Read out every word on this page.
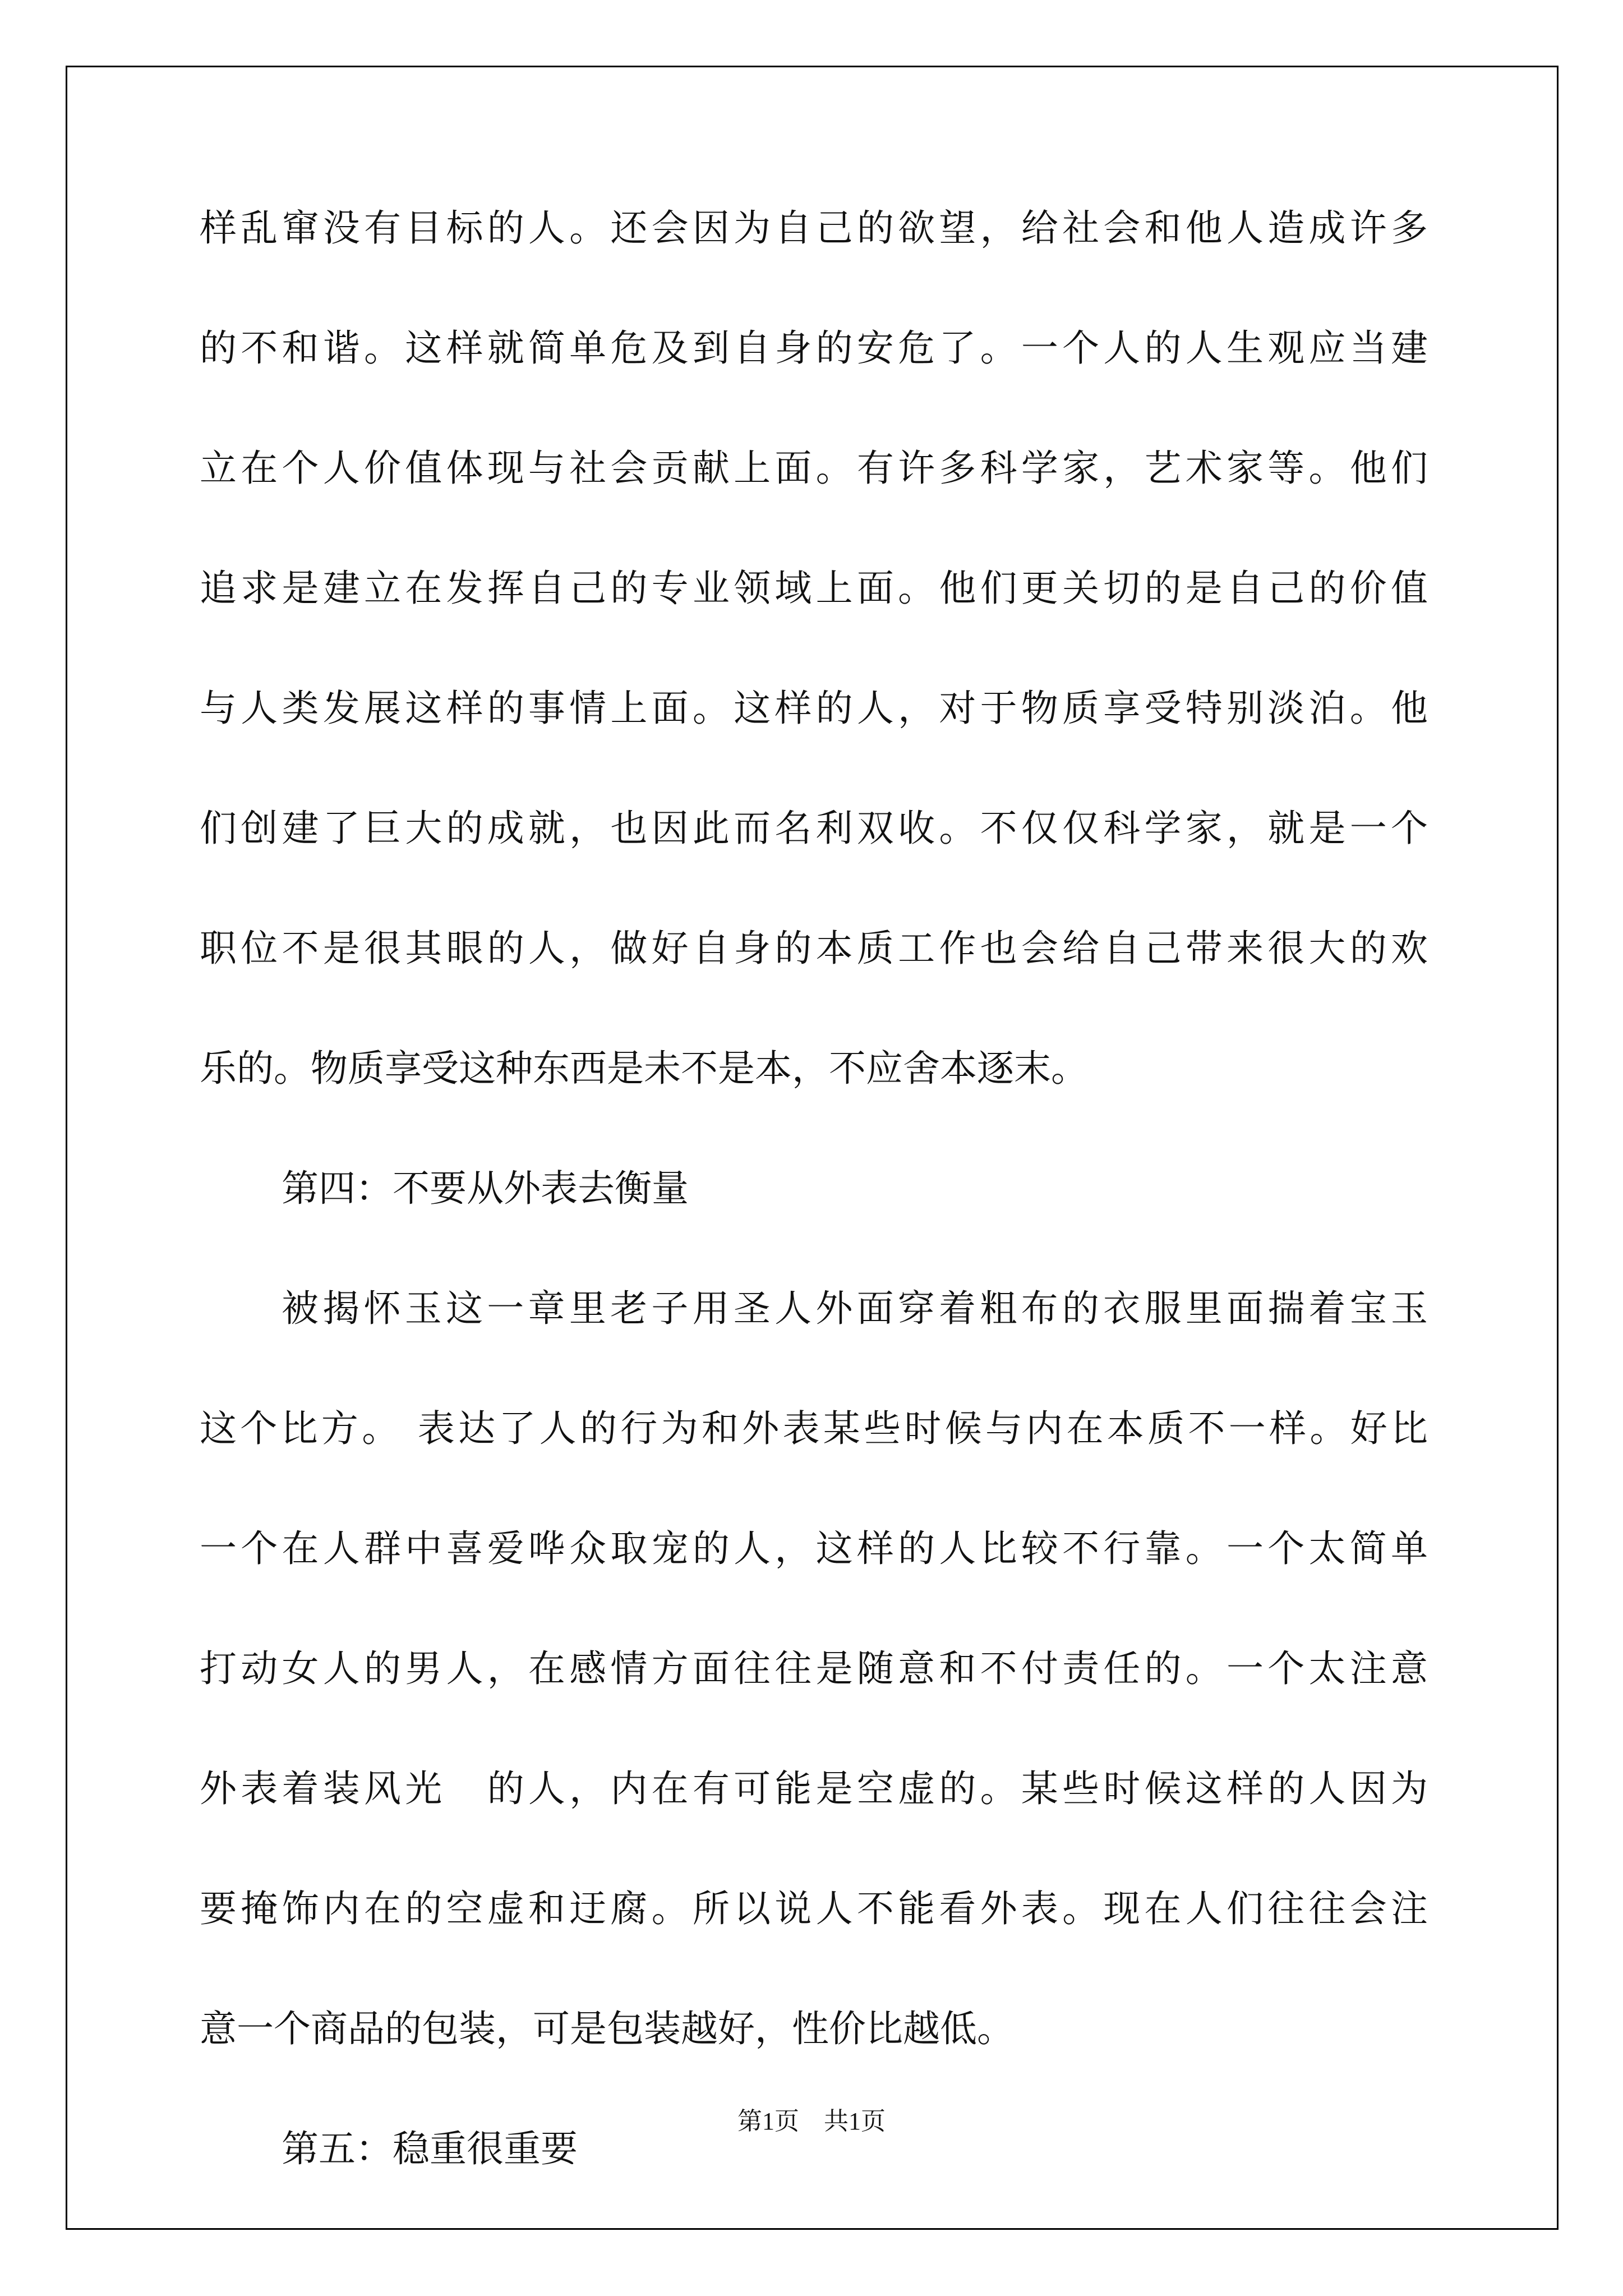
样乱窜没有目标的人。还会因为自己的欲望，给社会和他人造成许多
的不和谐。这样就简单危及到自身的安危了。一个人的人生观应当建
立在个人价值体现与社会贡献上面。有许多科学家，艺术家等。他们
追求是建立在发挥自己的专业领域上面。他们更关切的是自己的价值
与人类发展这样的事情上面。这样的人，对于物质享受特别淡泊。他
们创建了巨大的成就，也因此而名利双收。不仅仅科学家，就是一个
职位不是很其眼的人，做好自身的本质工作也会给自己带来很大的欢
乐的。物质享受这种东西是未不是本，不应舍本逐末。
第四：不要从外表去衡量
被揭怀玉这一章里老子用圣人外面穿着粗布的衣服里面揣着宝玉
这个比方。 表达了人的行为和外表某些时候与内在本质不一样。好比
一个在人群中喜爱哗众取宠的人，这样的人比较不行靠。一个太简单
打动女人的男人，在感情方面往往是随意和不付责任的。一个太注意
外表着装风光　的人，内在有可能是空虚的。某些时候这样的人因为
要掩饰内在的空虚和迂腐。所以说人不能看外表。现在人们往往会注
意一个商品的包装，可是包装越好，性价比越低。
第五：稳重很重要
第1页　共1页
